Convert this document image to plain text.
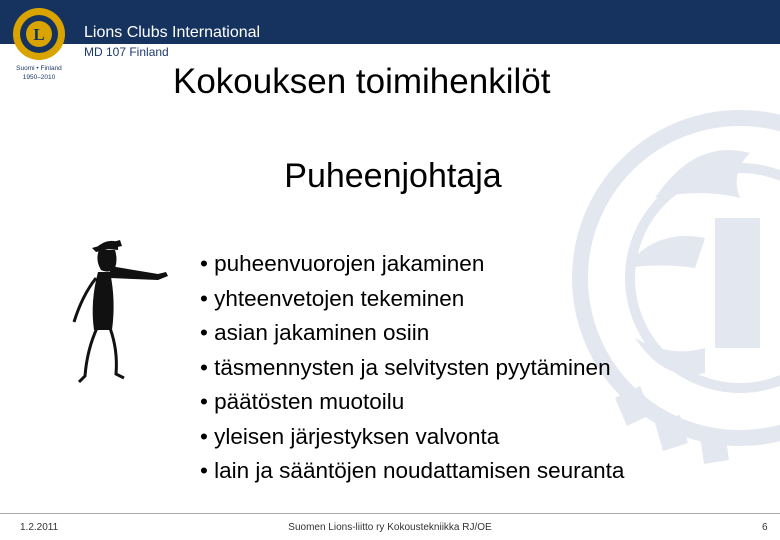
L
Suomi • Finland
1950–2010
Lions Clubs International
MD 107 Finland
Kokouksen toimihenkilöt
Puheenjohtaja
• puheenvuorojen jakaminen
• yhteenvetojen tekeminen
• asian jakaminen osiin
• täsmennysten ja selvitysten pyytäminen
• päätösten muotoilu
• yleisen järjestyksen valvonta
• lain ja sääntöjen noudattamisen seuranta
1.2.2011	Suomen Lions-liitto ry Kokoustekniikka RJ/OE	6
